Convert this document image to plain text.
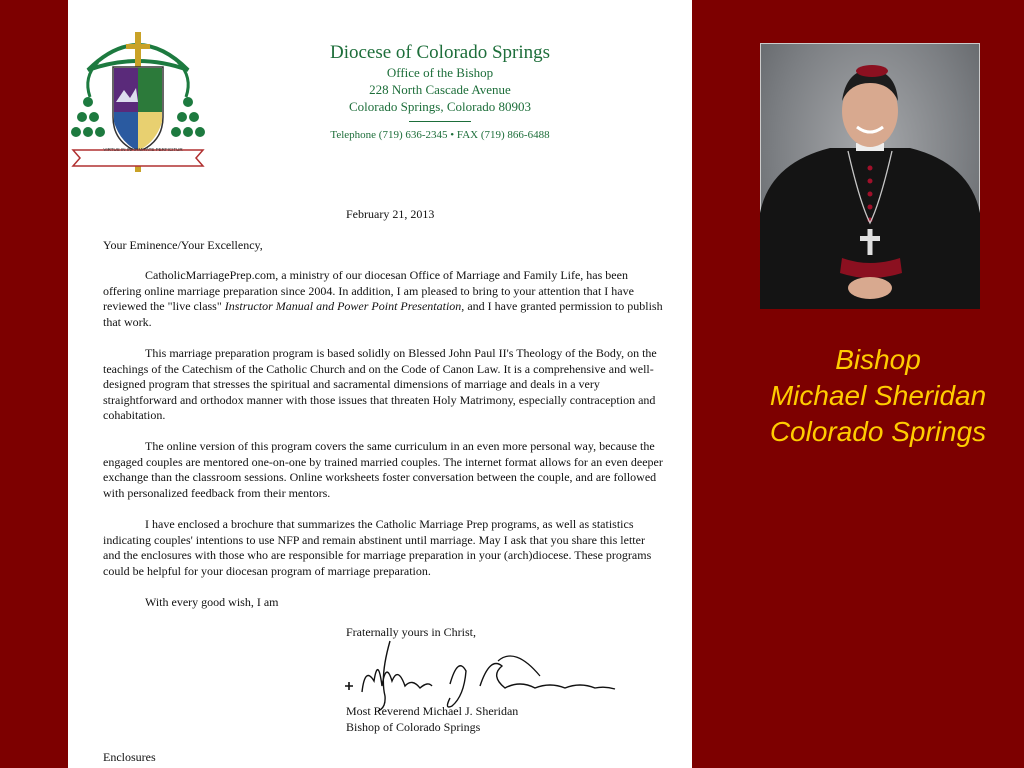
VIRTUS IN INFIRMITATE PERFICITUR
Diocese of Colorado Springs
Office of the Bishop
228 North Cascade Avenue
Colorado Springs, Colorado 80903
Telephone (719) 636-2345 • FAX (719) 866-6488
February 21, 2013
Your Eminence/Your Excellency,

CatholicMarriagePrep.com, a ministry of our diocesan Office of Marriage and Family Life, has been offering online marriage preparation since 2004. In addition, I am pleased to bring to your attention that I have reviewed the "live class" Instructor Manual and Power Point Presentation, and I have granted permission to publish that work.

This marriage preparation program is based solidly on Blessed John Paul II's Theology of the Body, on the teachings of the Catechism of the Catholic Church and on the Code of Canon Law. It is a comprehensive and well-designed program that stresses the spiritual and sacramental dimensions of marriage and deals in a very straightforward and orthodox manner with those issues that threaten Holy Matrimony, especially contraception and cohabitation.

The online version of this program covers the same curriculum in an even more personal way, because the engaged couples are mentored one-on-one by trained married couples. The internet format allows for an even deeper exchange than the classroom sessions. Online worksheets foster conversation between the couple, and are followed with personalized feedback from their mentors.

I have enclosed a brochure that summarizes the Catholic Marriage Prep programs, as well as statistics indicating couples' intentions to use NFP and remain abstinent until marriage. May I ask that you share this letter and the enclosures with those who are responsible for marriage preparation in your (arch)diocese. These programs could be helpful for your diocesan program of marriage preparation.

With every good wish, I am

Fraternally yours in Christ,
Most Reverend Michael J. Sheridan
Bishop of Colorado Springs
Enclosures
Bishop
Michael Sheridan
Colorado Springs
